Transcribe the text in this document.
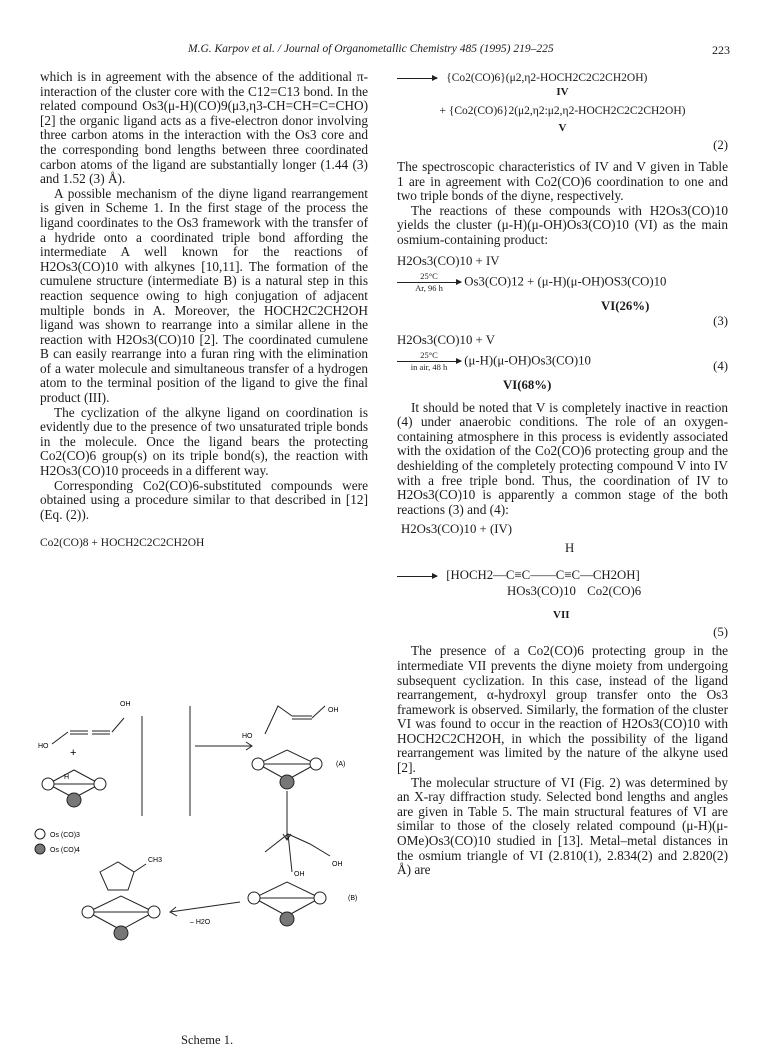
M.G. Karpov et al. / Journal of Organometallic Chemistry 485 (1995) 219–225	223

which is in agreement with the absence of the additional π-interaction of the cluster core with the C12=C13 bond. In the related compound Os3(μ-H)(CO)9(μ3,η3-CH=CH=C=CHO) [2] the organic ligand acts as a five-electron donor involving three carbon atoms in the interaction with the Os3 core and the corresponding bond lengths between three coordinated carbon atoms of the ligand are substantially longer (1.44 (3) and 1.52 (3) Å).

A possible mechanism of the diyne ligand rearrangement is given in Scheme 1. In the first stage of the process the ligand coordinates to the Os3 framework with the transfer of a hydride onto a coordinated triple bond affording the intermediate A well known for the reactions of H2Os3(CO)10 with alkynes [10,11]. The formation of the cumulene structure (intermediate B) is a natural step in this reaction sequence owing to high conjugation of adjacent multiple bonds in A. Moreover, the HOCH2C2CH2OH ligand was shown to rearrange into a similar allene in the reaction with H2Os3(CO)10 [2]. The coordinated cumulene B can easily rearrange into a furan ring with the elimination of a water molecule and simultaneous transfer of a hydrogen atom to the terminal position of the ligand to give the final product (III).

The cyclization of the alkyne ligand on coordination is evidently due to the presence of two unsaturated triple bonds in the molecule. Once the ligand bears the protecting Co2(CO)6 group(s) on its triple bond(s), the reaction with H2Os3(CO)10 proceeds in a different way.

Corresponding Co2(CO)6-substituted compounds were obtained using a procedure similar to that described in [12] (Eq. (2)).

Co2(CO)8 + HOCH2C2C2CH2OH
OH
HO
+
H
Os (CO)3
Os (CO)4
OH
HO
(A)
OH
OH
(B)
– H2O
CH3
Scheme 1.
→ {Co2(CO)6}(μ2,η2-HOCH2C2C2CH2OH)
IV
+ {Co2(CO)6}2(μ2,η2:μ2,η2-HOCH2C2C2CH2OH)
V
(2)

The spectroscopic characteristics of IV and V given in Table 1 are in agreement with Co2(CO)6 coordination to one and two triple bonds of the diyne, respectively.

The reactions of these compounds with H2Os3(CO)10 yields the cluster (μ-H)(μ-OH)Os3(CO)10 (VI) as the main osmium-containing product:

H2Os3(CO)10 + IV
$\frac{25^\circ C}{Ar, 96 h} Os3(CO)12 + (\mu-H)(\mu-OH)OS3(CO)10$
VI(26%)
(3)
H2Os3(CO)10 + V
25°C
in air, 48 h (μ-H)(μ-OH)Os3(CO)10	(4)
VI(68%)

It should be noted that V is completely inactive in reaction (4) under anaerobic conditions. The role of an oxygen-containing atmosphere in this process is evidently associated with the oxidation of the Co2(CO)6 protecting group and the deshielding of the completely protecting compound V into IV with a free triple bond. Thus, the coordination of IV to H2Os3(CO)10 is apparently a common stage of the both reactions (3) and (4):

H2Os3(CO)10 + (IV)
H
[HOCH2—C≡C——C≡C—CH2OH]
HOs3(CO)10 Co2(CO)6
VII
(5)

The presence of a Co2(CO)6 protecting group in the intermediate VII prevents the diyne moiety from undergoing subsequent cyclization. In this case, instead of the ligand rearrangement, α-hydroxyl group transfer onto the Os3 framework is observed. Similarly, the formation of the cluster VI was found to occur in the reaction of H2Os3(CO)10 with HOCH2C2CH2OH, in which the possibility of the ligand rearrangement was limited by the nature of the alkyne used [2].

The molecular structure of VI (Fig. 2) was determined by an X-ray diffraction study. Selected bond lengths and angles are given in Table 5. The main structural features of VI are similar to those of the closely related compound (μ-H)(μ-OMe)Os3(CO)10 studied in [13]. Metal–metal distances in the osmium triangle of VI (2.810(1), 2.834(2) and 2.820(2) Å) are
